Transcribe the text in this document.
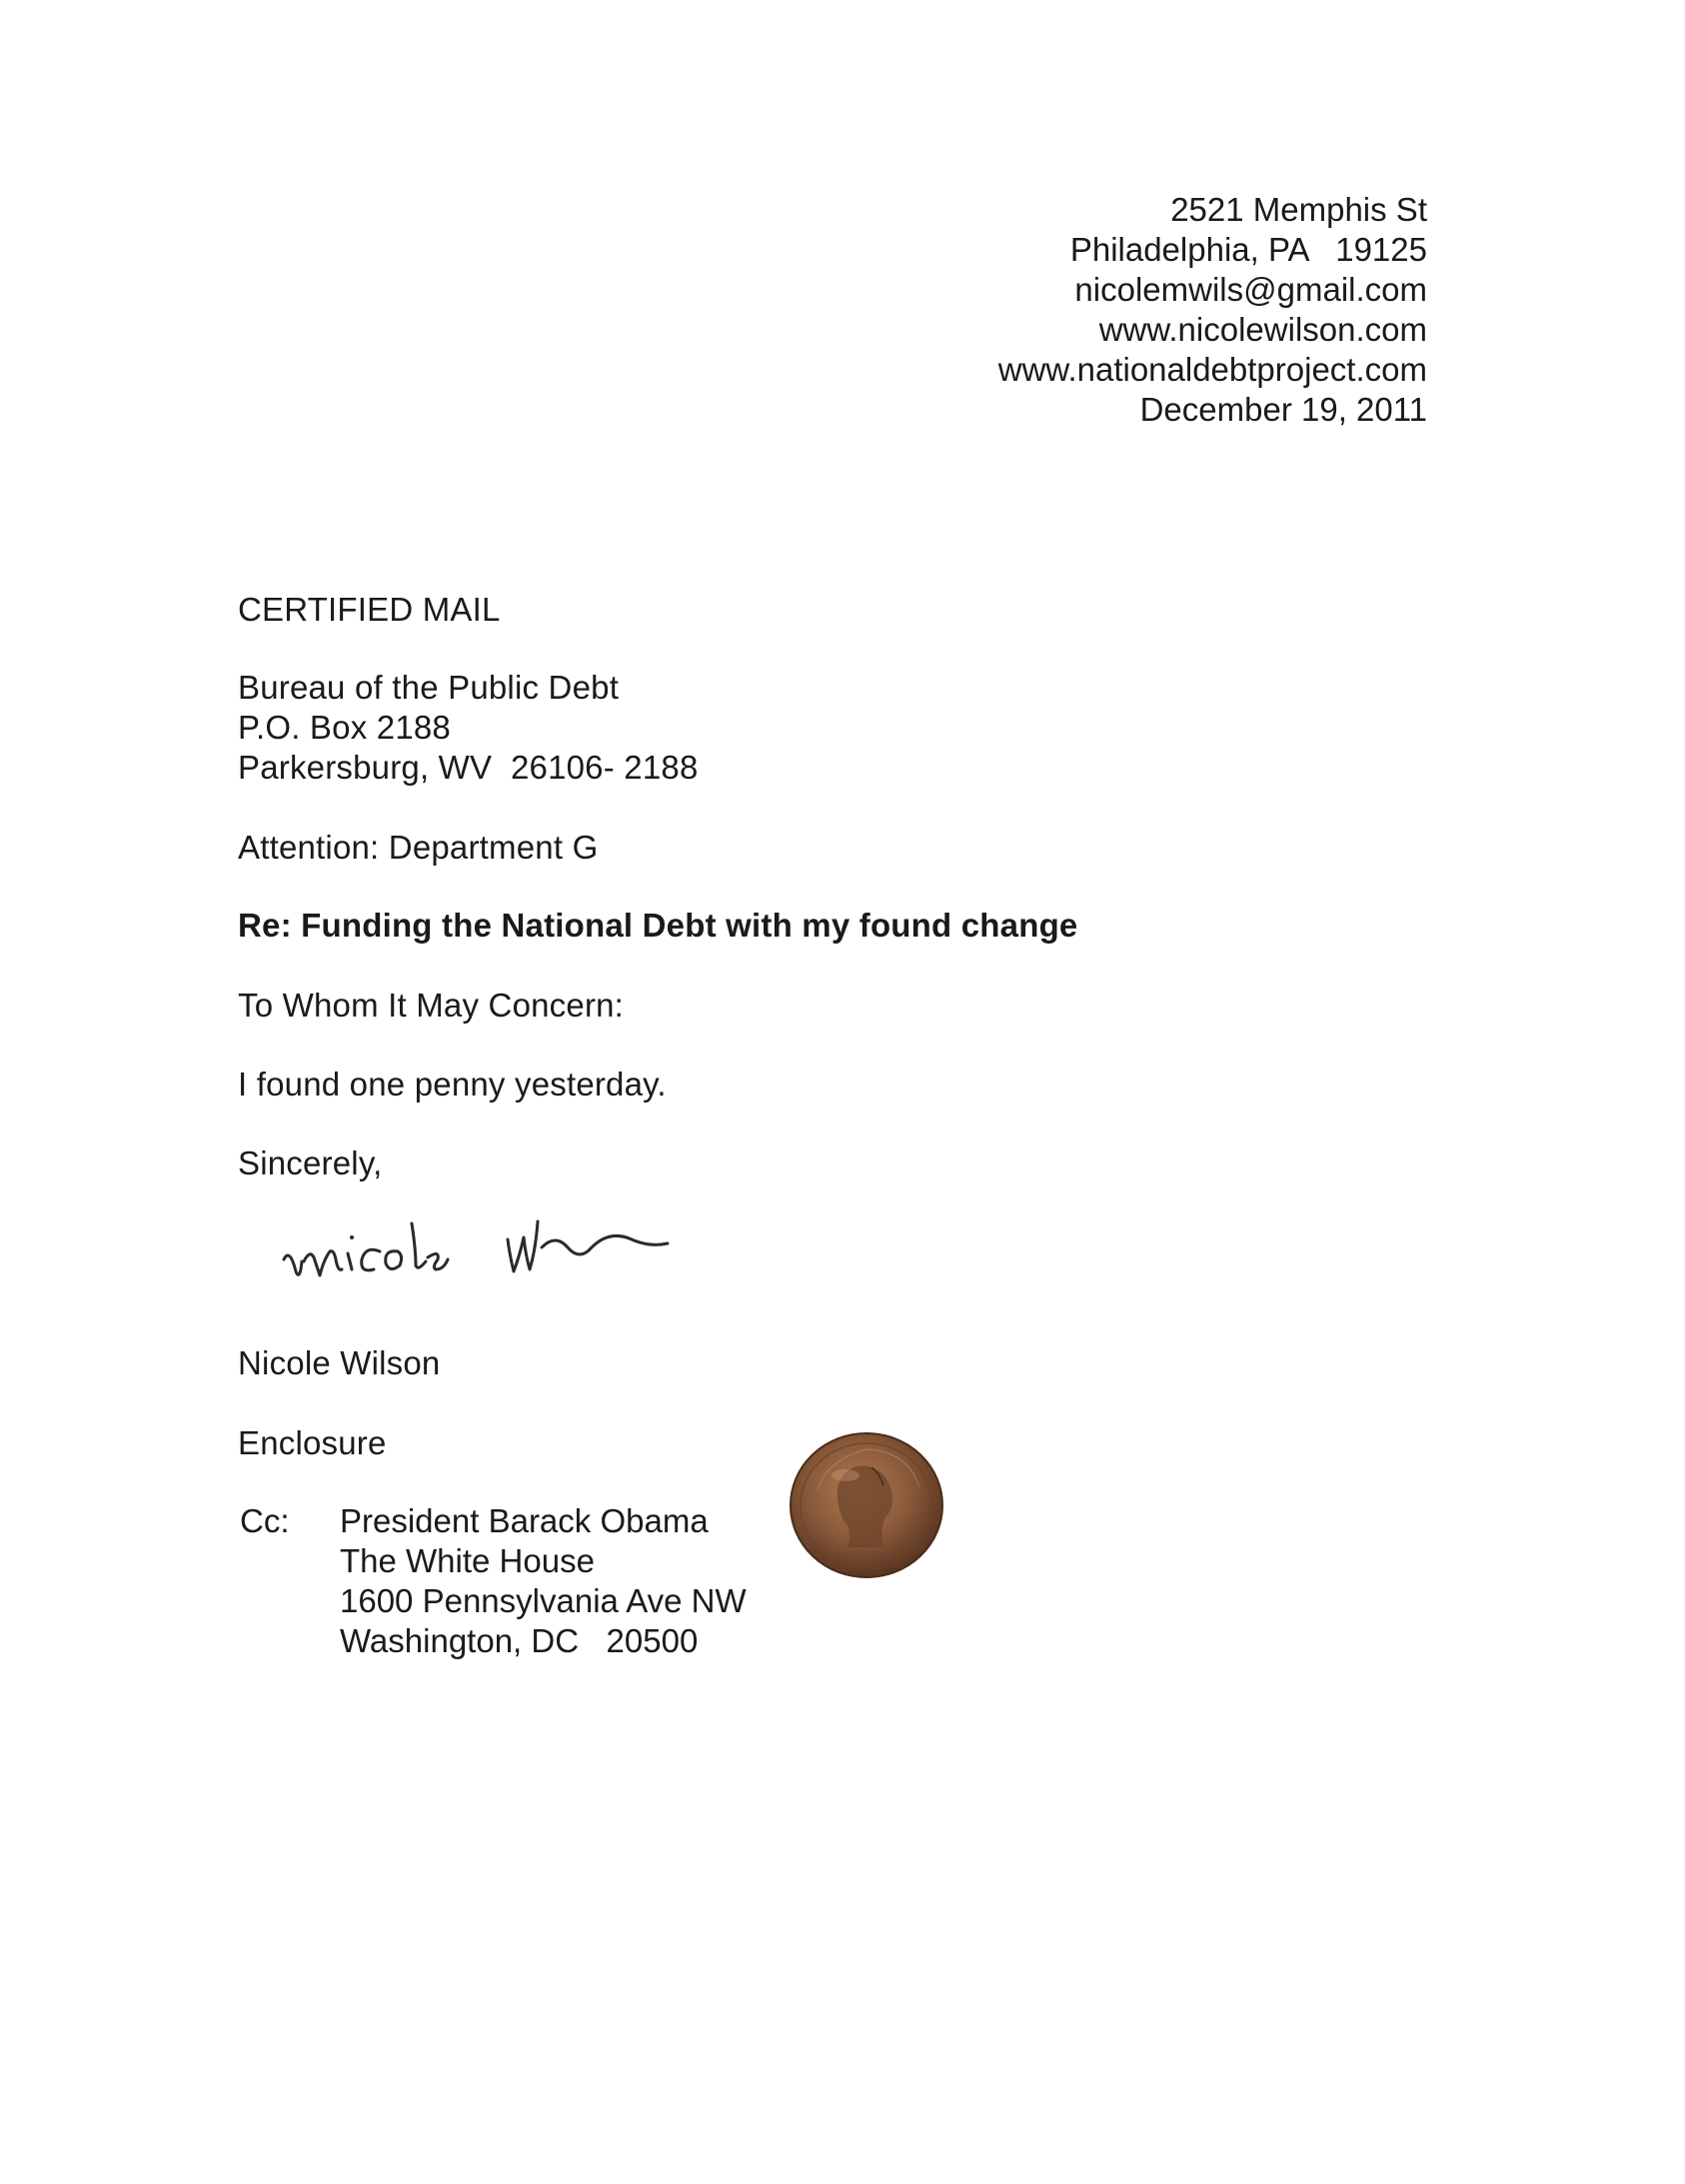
2521 Memphis St
Philadelphia, PA   19125
nicolemwils@gmail.com
www.nicolewilson.com
www.nationaldebtproject.com
December 19, 2011
CERTIFIED MAIL
Bureau of the Public Debt
P.O. Box 2188
Parkersburg, WV  26106- 2188
Attention: Department G
Re: Funding the National Debt with my found change
To Whom It May Concern:
I found one penny yesterday.
Sincerely,
Nicole Wilson
Enclosure
Cc: President Barack Obama
The White House
1600 Pennsylvania Ave NW
Washington, DC   20500
